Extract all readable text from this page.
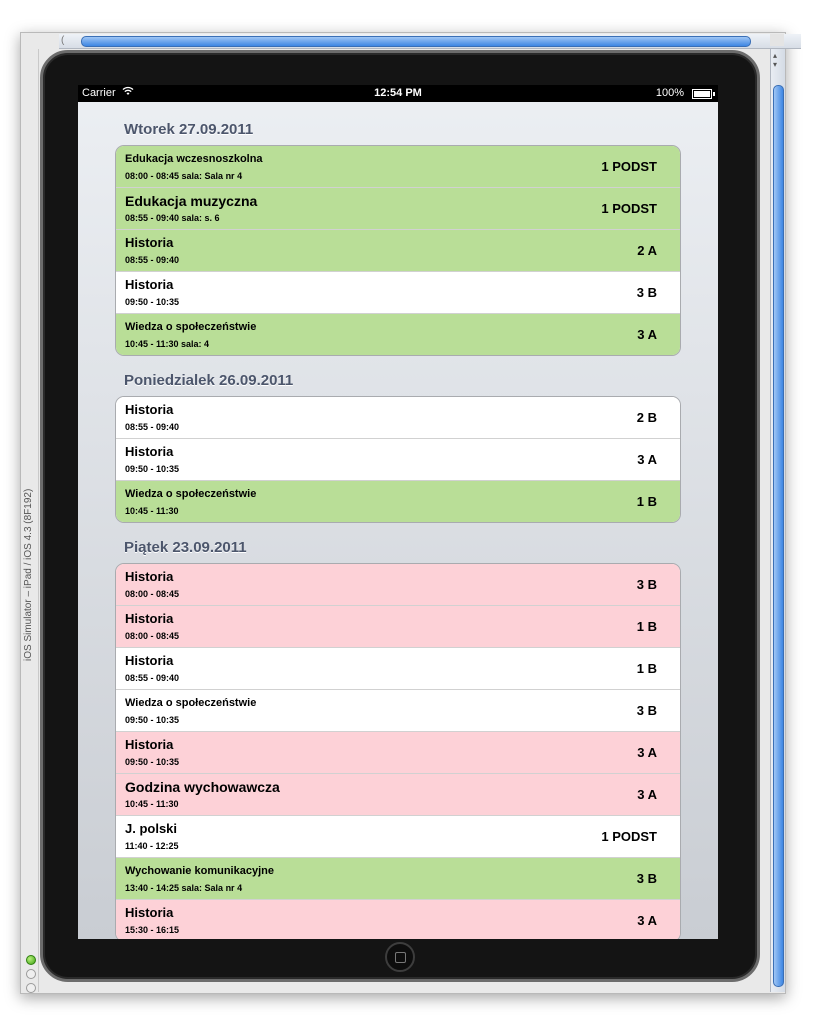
(
▴
▾
iOS Simulator – iPad / iOS 4.3 (8F192)
Carrier	12:54 PM	100%
Wtorek 27.09.2011
Edukacja wczesnoszkolna
08:00 - 08:45 sala: Sala nr 4
1 PODST
Edukacja muzyczna
08:55 - 09:40 sala: s. 6
1 PODST
Historia
08:55 - 09:40
2 A
Historia
09:50 - 10:35
3 B
Wiedza o społeczeństwie
10:45 - 11:30 sala: 4
3 A
Poniedzialek 26.09.2011
Historia
08:55 - 09:40
2 B
Historia
09:50 - 10:35
3 A
Wiedza o społeczeństwie
10:45 - 11:30
1 B
Piątek 23.09.2011
Historia
08:00 - 08:45
3 B
Historia
08:00 - 08:45
1 B
Historia
08:55 - 09:40
1 B
Wiedza o społeczeństwie
09:50 - 10:35
3 B
Historia
09:50 - 10:35
3 A
Godzina wychowawcza
10:45 - 11:30
3 A
J. polski
11:40 - 12:25
1 PODST
Wychowanie komunikacyjne
13:40 - 14:25 sala: Sala nr 4
3 B
Historia
15:30 - 16:15
3 A
